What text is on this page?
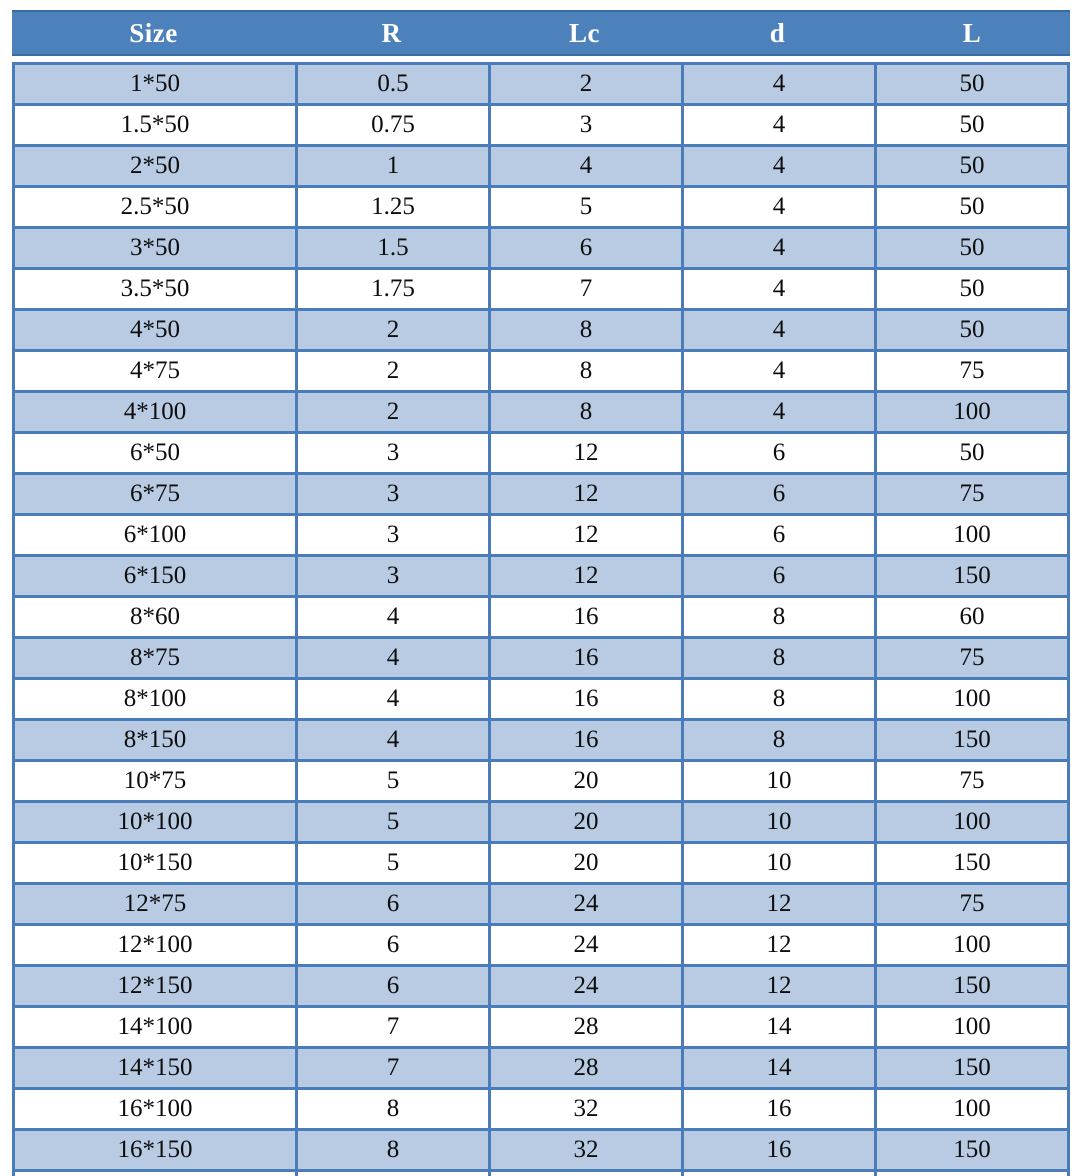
Size	R	Lc	d	L
1*50	0.5	2	4	50
1.5*50	0.75	3	4	50
2*50	1	4	4	50
2.5*50	1.25	5	4	50
3*50	1.5	6	4	50
3.5*50	1.75	7	4	50
4*50	2	8	4	50
4*75	2	8	4	75
4*100	2	8	4	100
6*50	3	12	6	50
6*75	3	12	6	75
6*100	3	12	6	100
6*150	3	12	6	150
8*60	4	16	8	60
8*75	4	16	8	75
8*100	4	16	8	100
8*150	4	16	8	150
10*75	5	20	10	75
10*100	5	20	10	100
10*150	5	20	10	150
12*75	6	24	12	75
12*100	6	24	12	100
12*150	6	24	12	150
14*100	7	28	14	100
14*150	7	28	14	150
16*100	8	32	16	100
16*150	8	32	16	150
